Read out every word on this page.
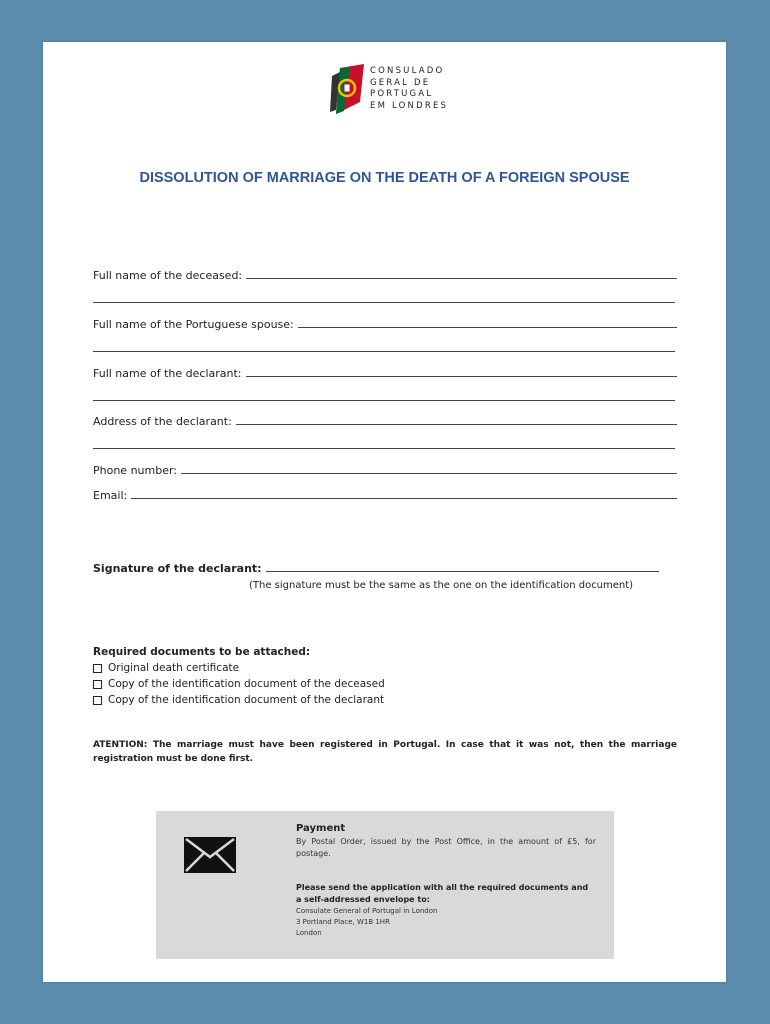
CONSULADO
GERAL DE
PORTUGAL
EM LONDRES
DISSOLUTION OF MARRIAGE ON THE DEATH OF A FOREIGN SPOUSE
Full name of the deceased:
Full name of the Portuguese spouse:
Full name of the declarant:
Address of the declarant:
Phone number:
Email:
Signature of the declarant:
(The signature must be the same as the one on the identification document)
Required documents to be attached:
Original death certificate
Copy of the identification document of the deceased
Copy of the identification document of the declarant
ATENTION: The marriage must have been registered in Portugal. In case that it was not, then the marriage registration must be done first.
Payment
By Postal Order, issued by the Post Office, in the amount of £5, for postage.
Please send the application with all the required documents and a self-addressed envelope to:
Consulate General of Portugal in London
3 Portland Place, W1B 1HR
London
